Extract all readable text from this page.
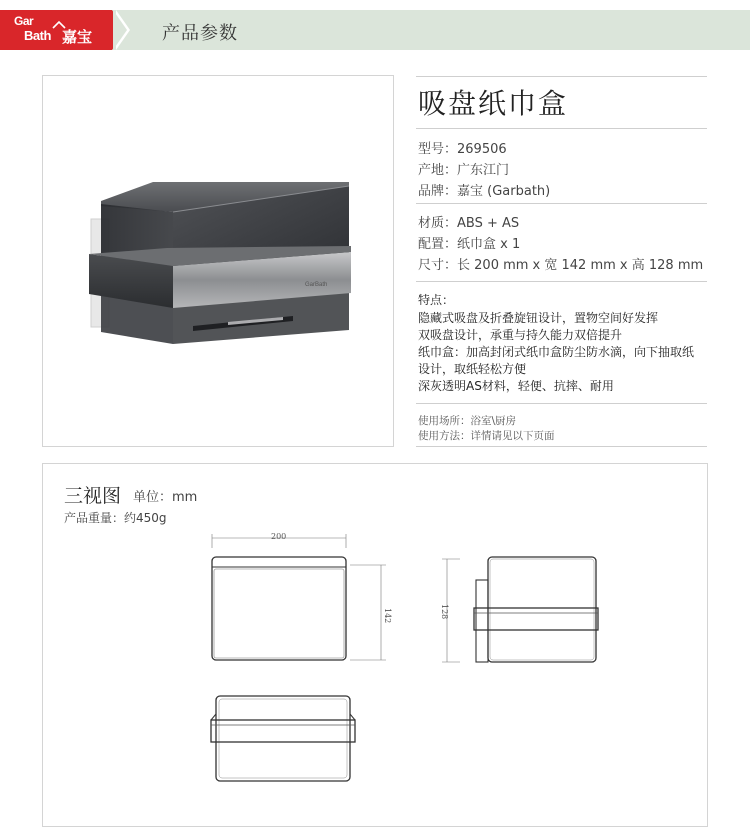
Gar
Bath 嘉宝	产品参数
GarBath
吸盘纸巾盒
型号：269506
产地：广东江门
品牌：嘉宝 (Garbath)
材质：ABS + AS
配置：纸巾盒 x 1
尺寸：长 200 mm x 宽 142 mm x 高 128 mm
特点：
隐藏式吸盘及折叠旋钮设计，置物空间好发挥
双吸盘设计，承重与持久能力双倍提升
纸巾盒：加高封闭式纸巾盒防尘防水滴，向下抽取纸
设计，取纸轻松方便
深灰透明AS材料，轻便、抗摔、耐用
使用场所：浴室\厨房
使用方法：详情请见以下页面
三视图 单位：mm
产品重量：约450g
200
142	128
